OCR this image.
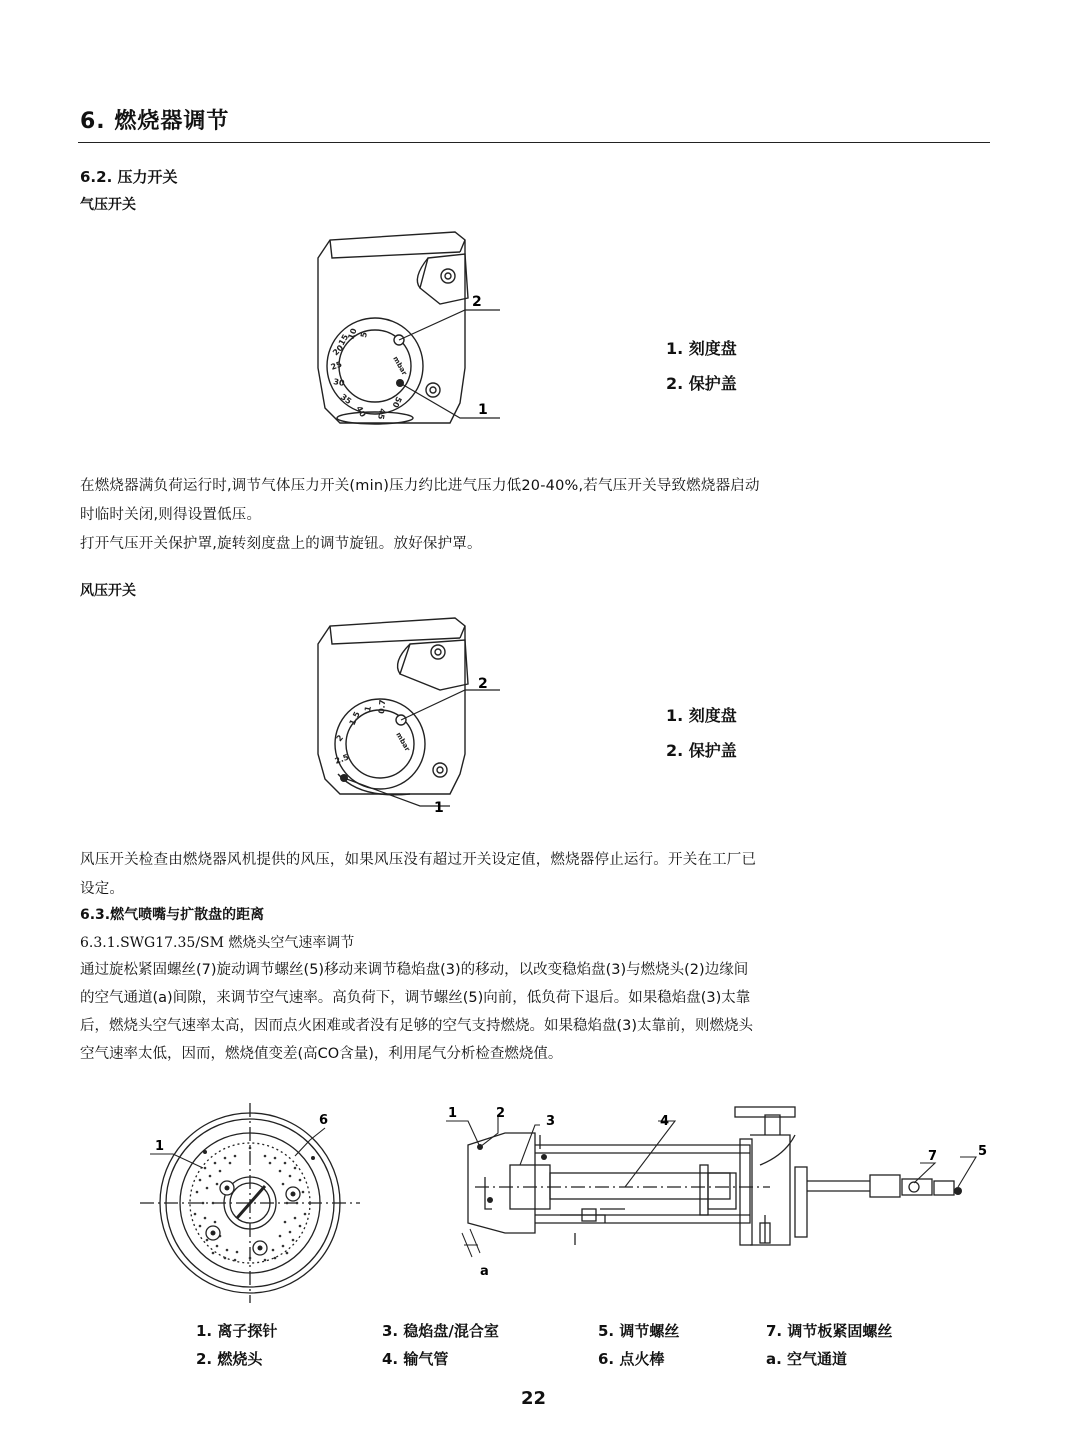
6. 燃烧器调节
6.2. 压力开关
气压开关
5
10
15
20
25
30
35
40 45
50
mbar
2
1
1. 刻度盘
2. 保护盖
在燃烧器满负荷运行时,调节气体压力开关(min)压力约比进气压力低20-40%,若气压开关导致燃烧器启动
时临时关闭,则得设置低压。
打开气压开关保护罩,旋转刻度盘上的调节旋钮。放好保护罩。
风压开关
0.7
1
1.5
2
2.5
mbar
2
1
1. 刻度盘
2. 保护盖
风压开关检查由燃烧器风机提供的风压，如果风压没有超过开关设定值，燃烧器停止运行。开关在工厂已
设定。
6.3.燃气喷嘴与扩散盘的距离
6.3.1.SWG17.35/SM 燃烧头空气速率调节
通过旋松紧固螺丝(7)旋动调节螺丝(5)移动来调节稳焰盘(3)的移动，以改变稳焰盘(3)与燃烧头(2)边缘间
的空气通道(a)间隙，来调节空气速率。高负荷下，调节螺丝(5)向前，低负荷下退后。如果稳焰盘(3)太靠
后，燃烧头空气速率太高，因而点火困难或者没有足够的空气支持燃烧。如果稳焰盘(3)太靠前，则燃烧头
空气速率太低，因而，燃烧值变差(高CO含量)，利用尾气分析检查燃烧值。
1
6	1	2
3	4
7	5
a
1. 离子探针
2. 燃烧头
3. 稳焰盘/混合室
4. 输气管
5. 调节螺丝
6. 点火棒
7. 调节板紧固螺丝
a. 空气通道
22
